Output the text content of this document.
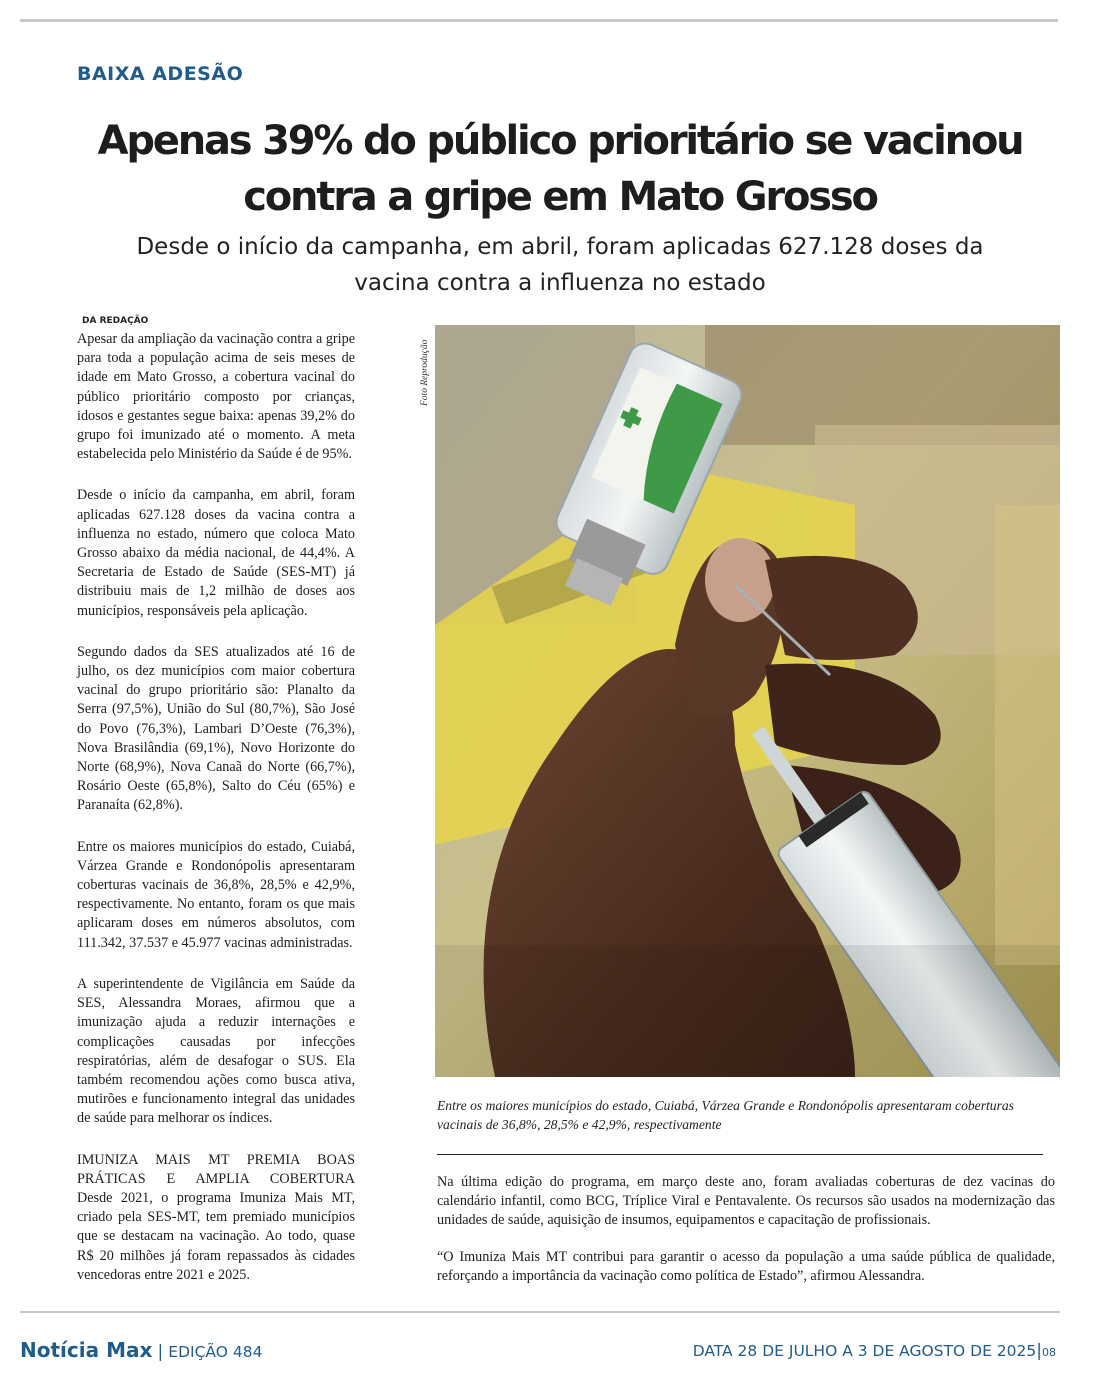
BAIXA ADESÃO
Apenas 39% do público prioritário se vacinou contra a gripe em Mato Grosso

Desde o início da campanha, em abril, foram aplicadas 627.128 doses da vacina contra a influenza no estado

DA REDAÇÃO

Apesar da ampliação da vacinação contra a gripe para toda a população acima de seis meses de idade em Mato Grosso, a cobertura vacinal do público prioritário composto por crianças, idosos e gestantes segue baixa: apenas 39,2% do grupo foi imunizado até o momento. A meta estabelecida pelo Ministério da Saúde é de 95%.

Desde o início da campanha, em abril, foram aplicadas 627.128 doses da vacina contra a influenza no estado, número que coloca Mato Grosso abaixo da média nacional, de 44,4%. A Secretaria de Estado de Saúde (SES-MT) já distribuiu mais de 1,2 milhão de doses aos municípios, responsáveis pela aplicação.

Segundo dados da SES atualizados até 16 de julho, os dez municípios com maior cobertura vacinal do grupo prioritário são: Planalto da Serra (97,5%), União do Sul (80,7%), São José do Povo (76,3%), Lambari D’Oeste (76,3%), Nova Brasilândia (69,1%), Novo Horizonte do Norte (68,9%), Nova Canaã do Norte (66,7%), Rosário Oeste (65,8%), Salto do Céu (65%) e Paranaíta (62,8%).

Entre os maiores municípios do estado, Cuiabá, Várzea Grande e Rondonópolis apresentaram coberturas vacinais de 36,8%, 28,5% e 42,9%, respectivamente. No entanto, foram os que mais aplicaram doses em números absolutos, com 111.342, 37.537 e 45.977 vacinas administradas.

A superintendente de Vigilância em Saúde da SES, Alessandra Moraes, afirmou que a imunização ajuda a reduzir internações e complicações causadas por infecções respiratórias, além de desafogar o SUS. Ela também recomendou ações como busca ativa, mutirões e funcionamento integral das unidades de saúde para melhorar os índices.

IMUNIZA MAIS MT PREMIA BOAS
PRÁTICAS E AMPLIA COBERTURA
Desde 2021, o programa Imuniza Mais MT, criado pela SES-MT, tem premiado municípios que se destacam na vacinação. Ao todo, quase R$ 20 milhões já foram repassados às cidades vencedoras entre 2021 e 2025.

Foto Reprodução

Entre os maiores municípios do estado, Cuiabá, Várzea Grande e Rondonópolis apresentaram coberturas vacinais de 36,8%, 28,5% e 42,9%, respectivamente

Na última edição do programa, em março deste ano, foram avaliadas coberturas de dez vacinas do calendário infantil, como BCG, Tríplice Viral e Pentavalente. Os recursos são usados na modernização das unidades de saúde, aquisição de insumos, equipamentos e capacitação de profissionais.

“O Imuniza Mais MT contribui para garantir o acesso da população a uma saúde pública de qualidade, reforçando a importância da vacinação como política de Estado”, afirmou Alessandra.

Notícia Max | EDIÇÃO 484	DATA 28 DE JULHO A 3 DE AGOSTO DE 2025|08
